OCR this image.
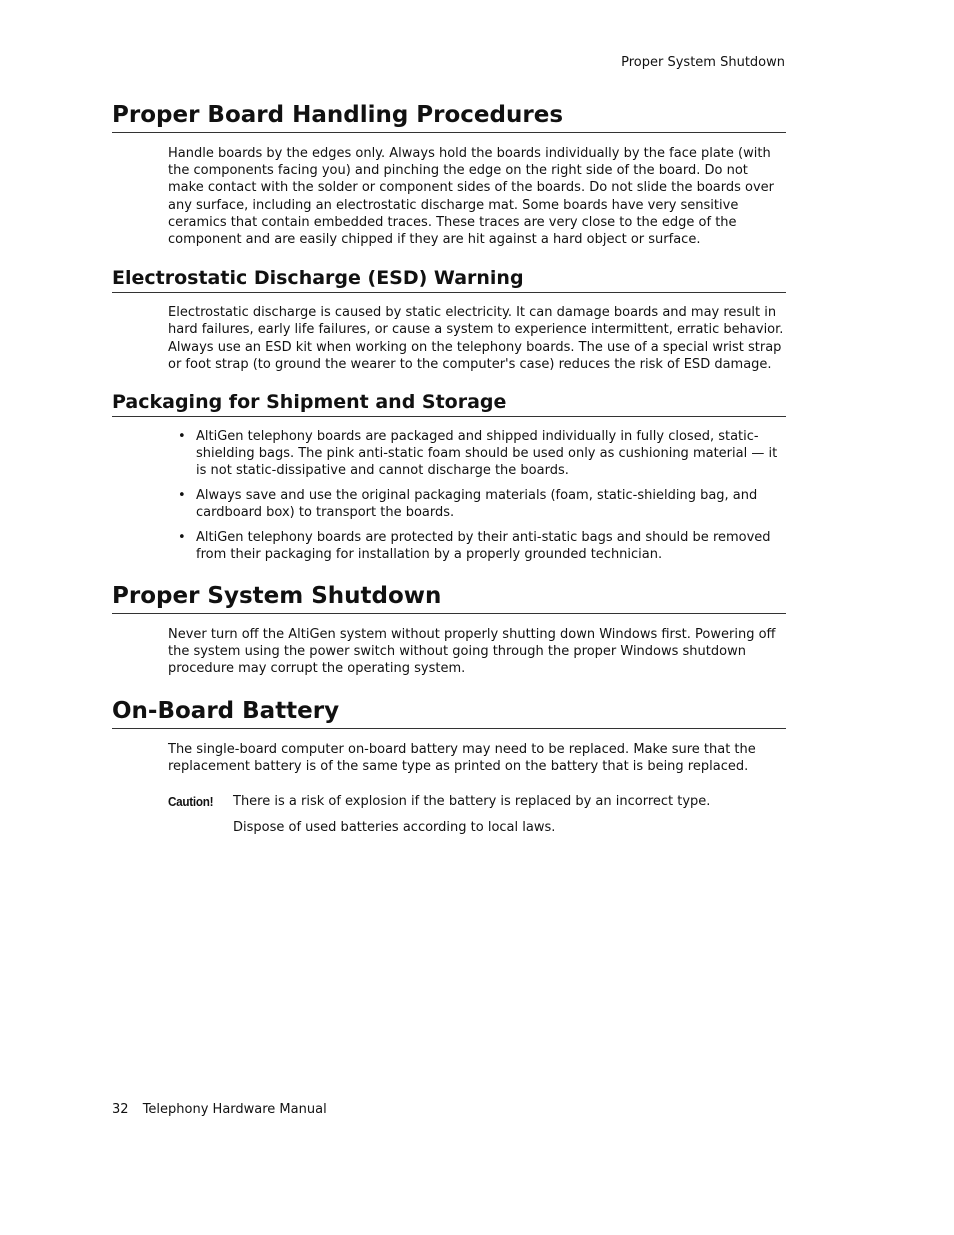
Proper System Shutdown
Proper Board Handling Procedures

Handle boards by the edges only. Always hold the boards individually by the face plate (with the components facing you) and pinching the edge on the right side of the board. Do not make contact with the solder or component sides of the boards. Do not slide the boards over any surface, including an electrostatic discharge mat. Some boards have very sensitive ceramics that contain embedded traces. These traces are very close to the edge of the component and are easily chipped if they are hit against a hard object or surface.

Electrostatic Discharge (ESD) Warning

Electrostatic discharge is caused by static electricity. It can damage boards and may result in hard failures, early life failures, or cause a system to experience intermittent, erratic behavior. Always use an ESD kit when working on the telephony boards. The use of a special wrist strap or foot strap (to ground the wearer to the computer's case) reduces the risk of ESD damage.

Packaging for Shipment and Storage
• AltiGen telephony boards are packaged and shipped individually in fully closed, static-shielding bags. The pink anti-static foam should be used only as cushioning material — it is not static-dissipative and cannot discharge the boards.
• Always save and use the original packaging materials (foam, static-shielding bag, and cardboard box) to transport the boards.
• AltiGen telephony boards are protected by their anti-static bags and should be removed from their packaging for installation by a properly grounded technician.
Proper System Shutdown

Never turn off the AltiGen system without properly shutting down Windows first. Powering off the system using the power switch without going through the proper Windows shutdown procedure may corrupt the operating system.

On-Board Battery

The single-board computer on-board battery may need to be replaced. Make sure that the replacement battery is of the same type as printed on the battery that is being replaced.

Caution!	There is a risk of explosion if the battery is replaced by an incorrect type.

Dispose of used batteries according to local laws.

32 Telephony Hardware Manual
